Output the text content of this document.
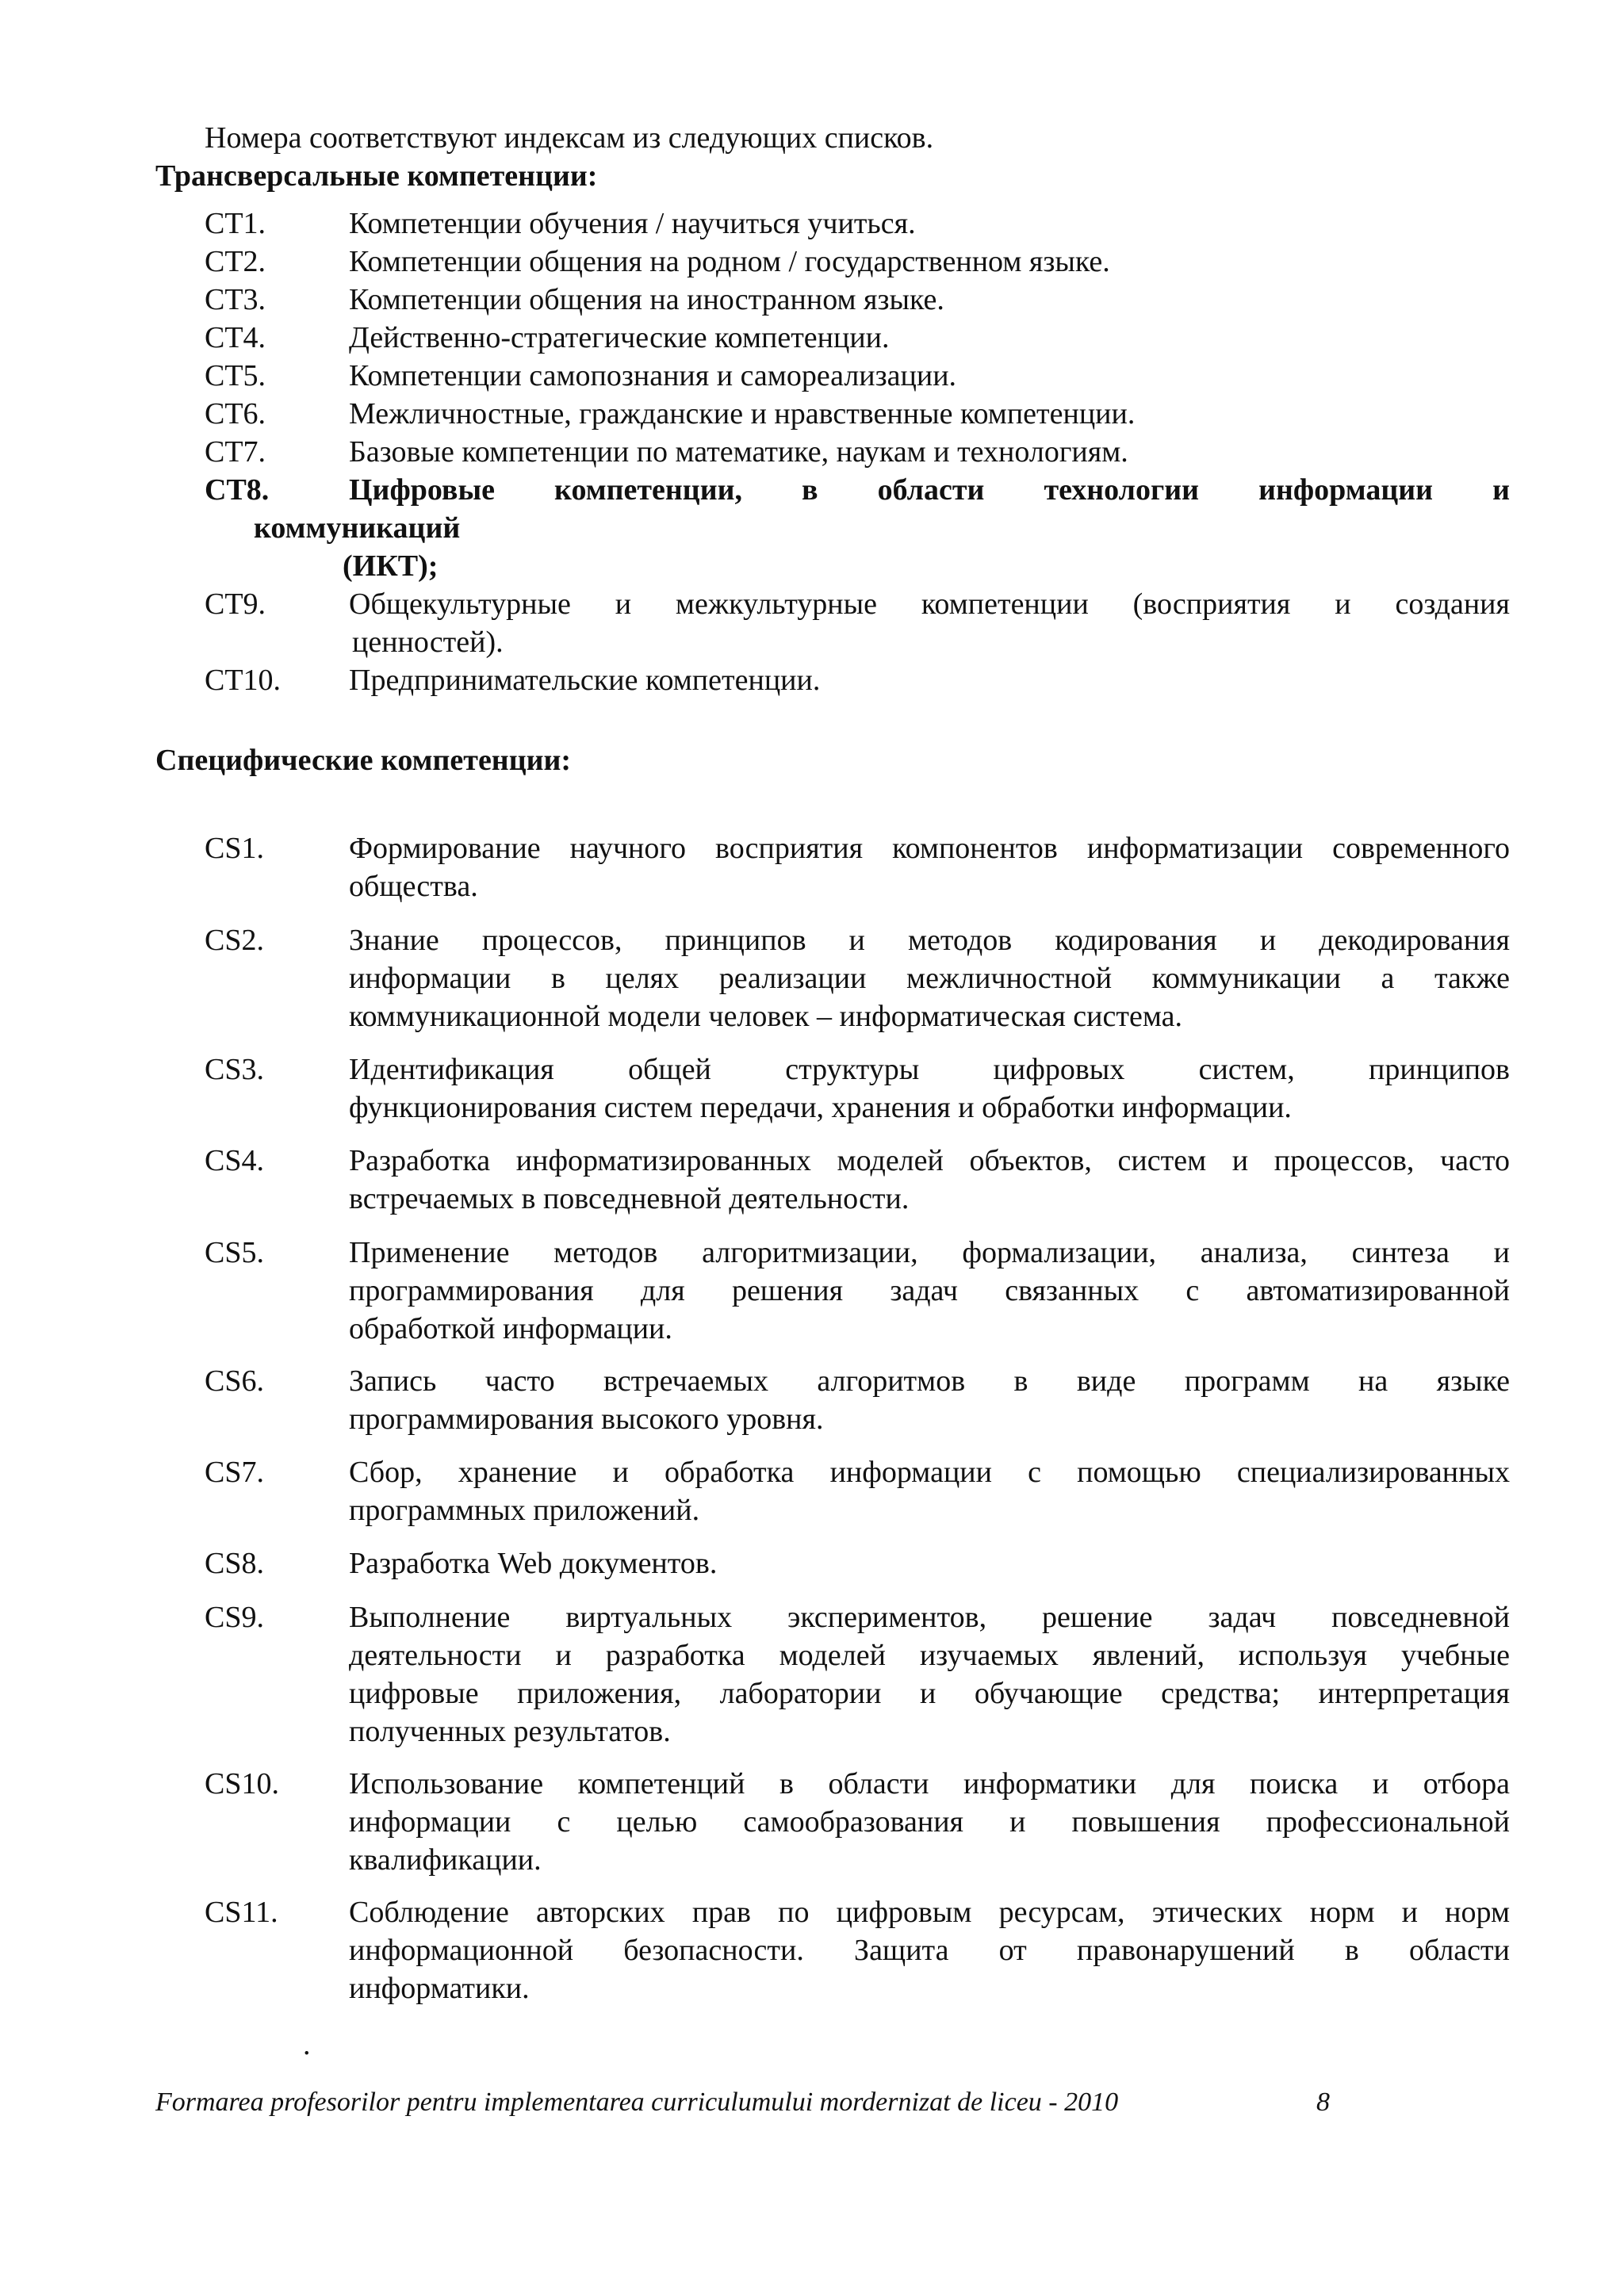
Номера соответствуют индексам из следующих списков.
Трансверсальные компетенции:
CT1.	Компетенции обучения / научиться учиться.
CT2.	Компетенции общения на родном / государственном языке.
CT3.	Компетенции общения на иностранном языке.
CT4.	Действенно-стратегические компетенции.
CT5.	Компетенции самопознания и самореализации.
CT6.	Межличностные, гражданские и нравственные компетенции.
CT7.	Базовые компетенции по математике, наукам и технологиям.
CT8.	Цифровые компетенции, в области технологии информации и
коммуникаций
(ИКТ);
CT9.	Общекультурные и межкультурные компетенции (восприятия и создания
ценностей).
CT10. Предпринимательские компетенции.
Специфические компетенции:
CS1.	Формирование научного восприятия компонентов информатизации современного
общества.
CS2.	Знание процессов, принципов и методов кодирования и декодирования
информации в целях реализации межличностной коммуникации а также
коммуникационной модели человек – информатическая система.
CS3.	Идентификация общей структуры цифровых систем, принципов
функционирования систем передачи, хранения и обработки информации.
CS4.	Разработка информатизированных моделей объектов, систем и процессов, часто
встречаемых в повседневной деятельности.
CS5.	Применение методов алгоритмизации, формализации, анализа, синтеза и
программирования для решения задач связанных с автоматизированной
обработкой информации.
CS6.	Запись часто встречаемых алгоритмов в виде программ на языке
программирования высокого уровня.
CS7.	Сбор, хранение и обработка информации с помощью специализированных
программных приложений.
CS8.	Разработка Web документов.
CS9.	Выполнение виртуальных экспериментов, решение задач повседневной
деятельности и разработка моделей изучаемых явлений, используя учебные
цифровые приложения, лаборатории и обучающие средства; интерпретация
полученных результатов.
CS10. Использование компетенций в области информатики для поиска и отбора
информации с целью самообразования и повышения профессиональной
квалификации.
CS11. Соблюдение авторских прав по цифровым ресурсам, этических норм и норм
информационной безопасности. Защита от правонарушений в области
информатики.
.
Formarea profesorilor pentru implementarea curriculumului mordernizat de liceu - 2010	8
